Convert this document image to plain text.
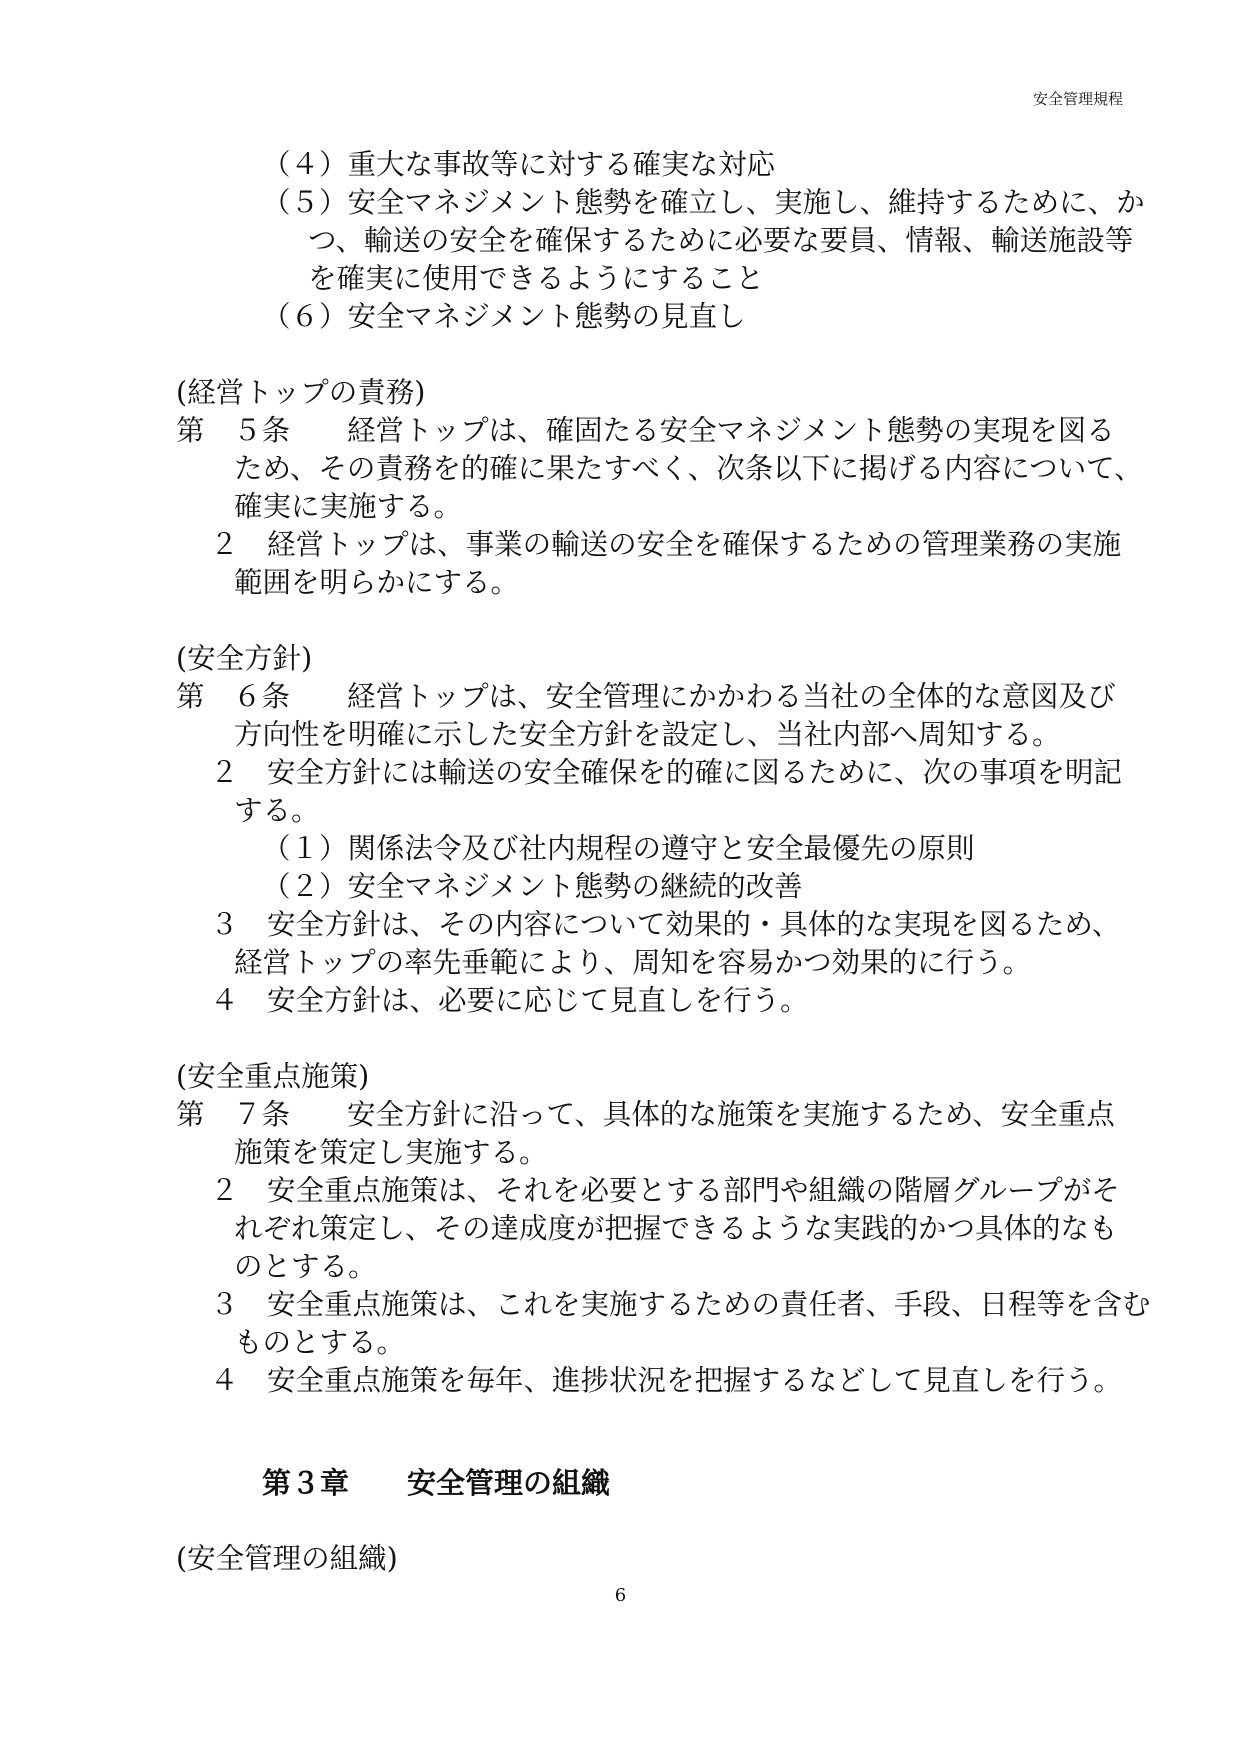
安全管理規程
（４）重大な事故等に対する確実な対応
（５）安全マネジメント態勢を確立し、実施し、維持するために、か
つ、輸送の安全を確保するために必要な要員、情報、輸送施設等
を確実に使用できるようにすること
（６）安全マネジメント態勢の見直し
(経営トップの責務)
第　５条　　経営トップは、確固たる安全マネジメント態勢の実現を図る
ため、その責務を的確に果たすべく、次条以下に掲げる内容について、
確実に実施する。
２　経営トップは、事業の輸送の安全を確保するための管理業務の実施
範囲を明らかにする。
(安全方針)
第　６条　　経営トップは、安全管理にかかわる当社の全体的な意図及び
方向性を明確に示した安全方針を設定し、当社内部へ周知する。
２　安全方針には輸送の安全確保を的確に図るために、次の事項を明記
する。
（１）関係法令及び社内規程の遵守と安全最優先の原則
（２）安全マネジメント態勢の継続的改善
３　安全方針は、その内容について効果的・具体的な実現を図るため、
経営トップの率先垂範により、周知を容易かつ効果的に行う。
４　安全方針は、必要に応じて見直しを行う。
(安全重点施策)
第　７条　　安全方針に沿って、具体的な施策を実施するため、安全重点
施策を策定し実施する。
２　安全重点施策は、それを必要とする部門や組織の階層グループがそ
れぞれ策定し、その達成度が把握できるような実践的かつ具体的なも
のとする。
３　安全重点施策は、これを実施するための責任者、手段、日程等を含む
ものとする。
４　安全重点施策を毎年、進捗状況を把握するなどして見直しを行う。
第３章　　安全管理の組織
(安全管理の組織)
6
